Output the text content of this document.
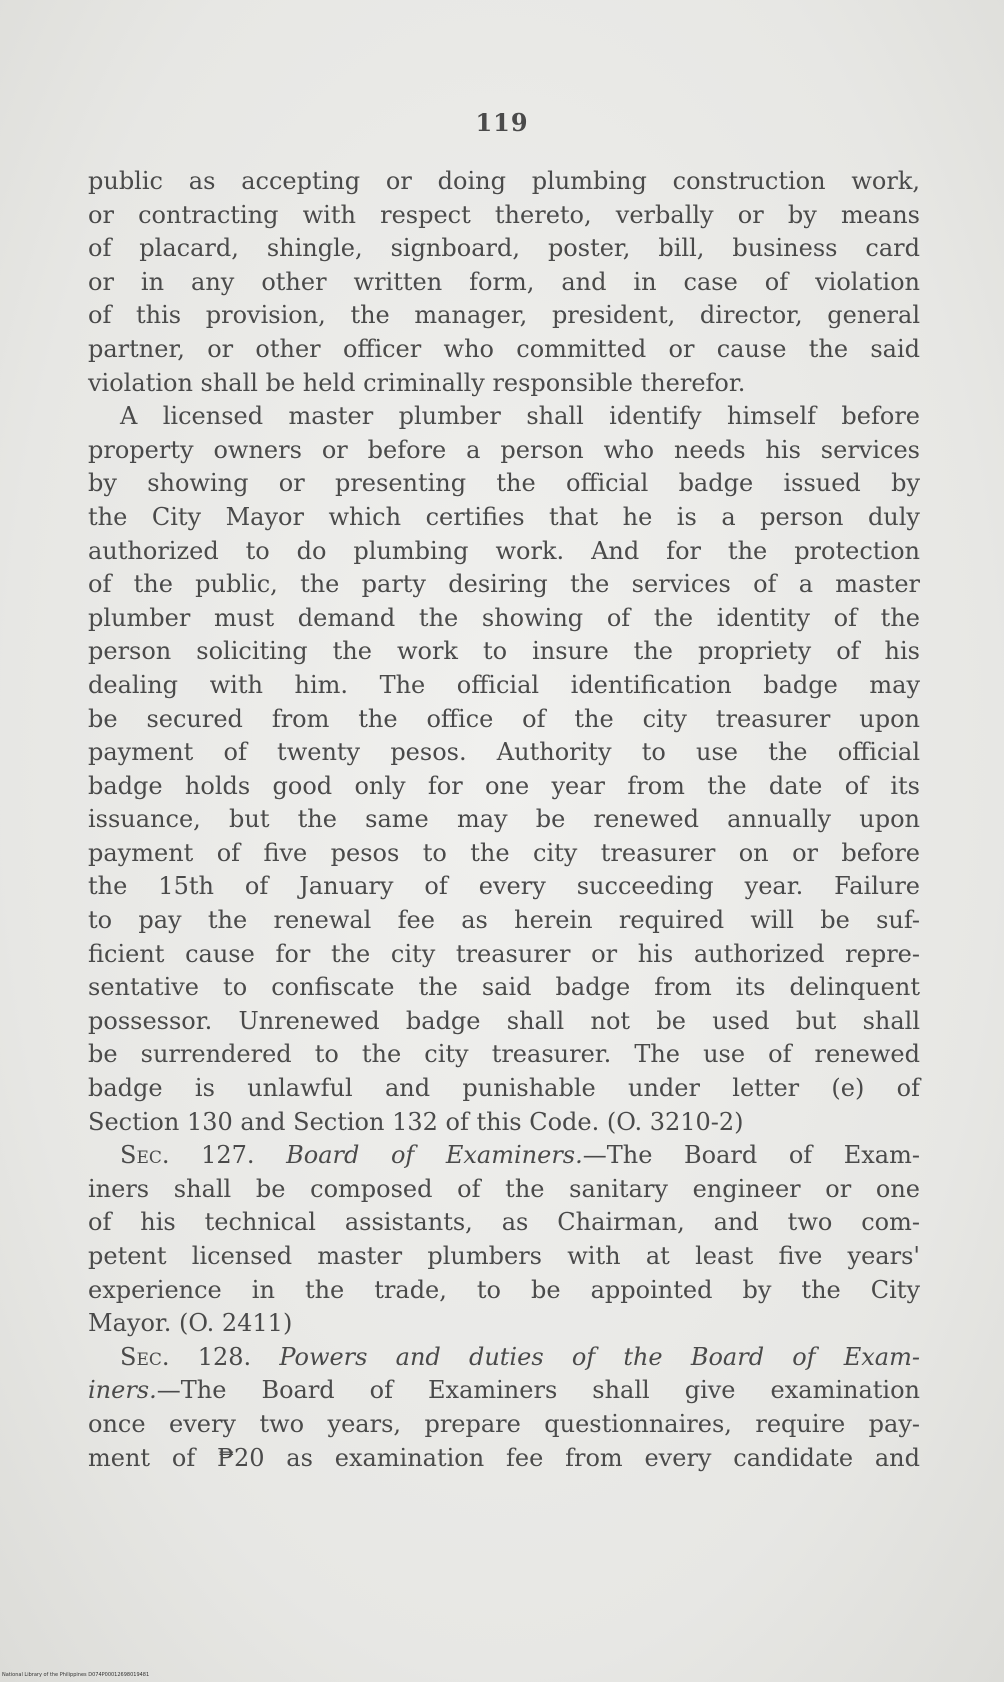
119
public as accepting or doing plumbing construction work,
or contracting with respect thereto, verbally or by means
of placard, shingle, signboard, poster, bill, business card
or in any other written form, and in case of violation
of this provision, the manager, president, director, general
partner, or other officer who committed or cause the said
violation shall be held criminally responsible therefor.
A licensed master plumber shall identify himself before
property owners or before a person who needs his services
by showing or presenting the official badge issued by
the City Mayor which certifies that he is a person duly
authorized to do plumbing work. And for the protection
of the public, the party desiring the services of a master
plumber must demand the showing of the identity of the
person soliciting the work to insure the propriety of his
dealing with him. The official identification badge may
be secured from the office of the city treasurer upon
payment of twenty pesos. Authority to use the official
badge holds good only for one year from the date of its
issuance, but the same may be renewed annually upon
payment of five pesos to the city treasurer on or before
the 15th of January of every succeeding year. Failure
to pay the renewal fee as herein required will be suf-
ficient cause for the city treasurer or his authorized repre-
sentative to confiscate the said badge from its delinquent
possessor. Unrenewed badge shall not be used but shall
be surrendered to the city treasurer. The use of renewed
badge is unlawful and punishable under letter (e) of
Section 130 and Section 132 of this Code. (O. 3210-2)
Sec. 127. Board of Examiners.—The Board of Exam-
iners shall be composed of the sanitary engineer or one
of his technical assistants, as Chairman, and two com-
petent licensed master plumbers with at least five years'
experience in the trade, to be appointed by the City
Mayor. (O. 2411)
Sec. 128. Powers and duties of the Board of Exam-
iners.—The Board of Examiners shall give examination
once every two years, prepare questionnaires, require pay-
ment of ₱20 as examination fee from every candidate and
National Library of the Philippines D074P00012698019481
